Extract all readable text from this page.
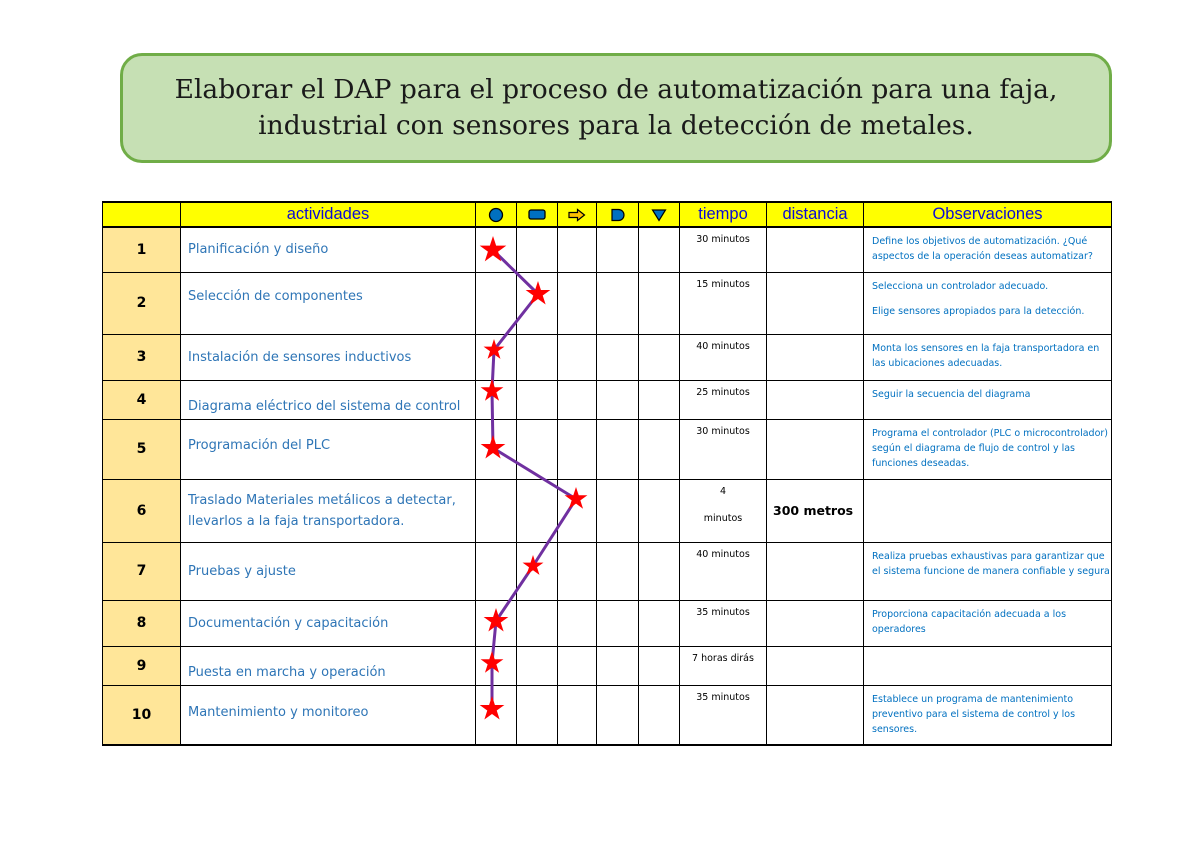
Elaborar el DAP para el proceso de automatización para una faja,
industrial con sensores para la detección de metales.
	actividades						tiempo	distancia	Observaciones
1	Planificación y diseño						30 minutos		Define los objetivos de automatización. ¿Qué aspectos de la operación deseas automatizar?

2	Selección de componentes						15 minutos		Selecciona un controlador adecuado.
Elige sensores apropiados para la detección.

3	Instalación de sensores inductivos						40 minutos		Monta los sensores en la faja transportadora en las ubicaciones adecuadas.

4	Diagrama eléctrico del sistema de control						25 minutos		Seguir la secuencia del diagrama

5	Programación del PLC						30 minutos		Programa el controlador (PLC o microcontrolador) según el diagrama de flujo de control y las funciones deseadas.

6	Traslado Materiales metálicos a detectar, llevarlos a la faja transportadora.						4
minutos	300 metros	
7	Pruebas y ajuste						40 minutos		Realiza pruebas exhaustivas para garantizar que el sistema funcione de manera confiable y segura

8	Documentación y capacitación						35 minutos		Proporciona capacitación adecuada a los operadores

9	Puesta en marcha y operación						7 horas dirás		
10	Mantenimiento y monitoreo						35 minutos		Establece un programa de mantenimiento preventivo para el sistema de control y los sensores.
